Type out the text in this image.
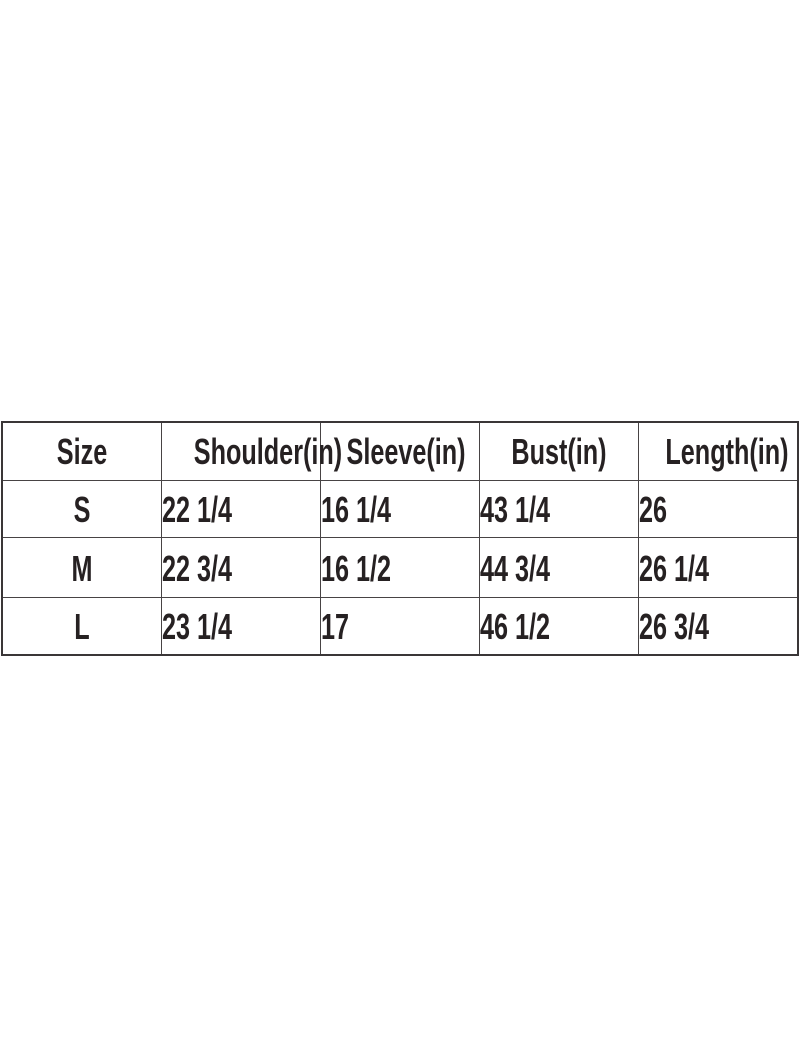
Size	Shoulder(in)	Sleeve(in)	Bust(in)	Length(in)
S	22 1/4	16 1/4	43 1/4	26
M	22 3/4	16 1/2	44 3/4	26 1/4
L	23 1/4	17	46 1/2	26 3/4
